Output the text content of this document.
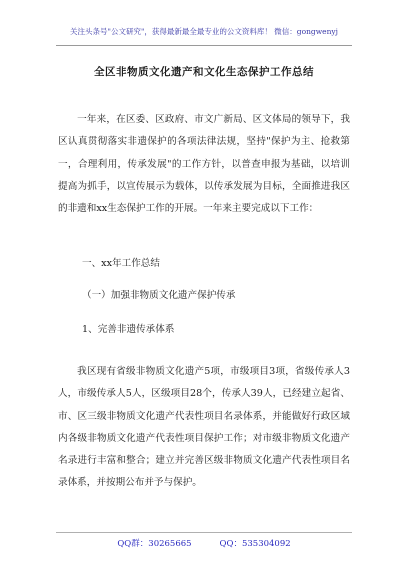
关注头条号"公文研究"，获得最新最全最专业的公文资料库！ 微信：gongwenyj
全区非物质文化遗产和文化生态保护工作总结
一年来，在区委、区政府、市文广新局、区文体局的领导下，我区认真贯彻落实非遗保护的各项法律法规，坚持"保护为主、抢救第一，合理利用，传承发展"的工作方针，以普查申报为基础，以培训提高为抓手，以宣传展示为载体，以传承发展为目标，全面推进我区的非遗和xx生态保护工作的开展。一年来主要完成以下工作：
一、xx年工作总结
（一）加强非物质文化遗产保护传承
1、完善非遗传承体系
我区现有省级非物质文化遗产5项，市级项目3项，省级传承人3人，市级传承人5人，区级项目28个，传承人39人，已经建立起省、市、区三级非物质文化遗产代表性项目名录体系，并能做好行政区域内各级非物质文化遗产代表性项目保护工作；对市级非物质文化遗产名录进行丰富和整合；建立并完善区级非物质文化遗产代表性项目名录体系，并按期公布并予与保护。
QQ群：30265665	QQ：535304092
